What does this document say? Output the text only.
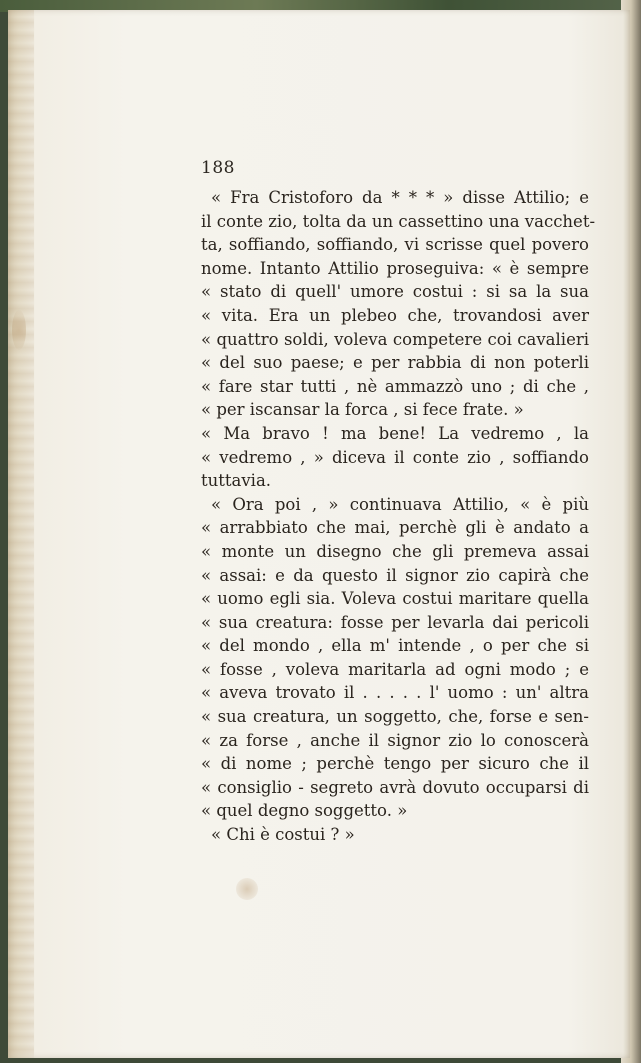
188
« Fra Cristoforo da * * * » disse Attilio; e
il conte zio, tolta da un cassettino una vacchet-
ta, soffiando, soffiando, vi scrisse quel povero
nome. Intanto Attilio proseguiva: « è sempre
« stato di quell' umore costui : si sa la sua
« vita. Era un plebeo che, trovandosi aver
« quattro soldi, voleva competere coi cavalieri
« del suo paese; e per rabbia di non poterli
« fare star tutti , nè ammazzò uno ; di che ,
« per iscansar la forca , si fece frate. »
« Ma bravo ! ma bene! La vedremo , la
« vedremo , » diceva il conte zio , soffiando
tuttavia.
« Ora poi , » continuava Attilio, « è più
« arrabbiato che mai, perchè gli è andato a
« monte un disegno che gli premeva assai
« assai: e da questo il signor zio capirà che
« uomo egli sia. Voleva costui maritare quella
« sua creatura: fosse per levarla dai pericoli
« del mondo , ella m' intende , o per che si
« fosse , voleva maritarla ad ogni modo ; e
« aveva trovato il . . . . . l' uomo : un' altra
« sua creatura, un soggetto, che, forse e sen-
« za forse , anche il signor zio lo conoscerà
« di nome ; perchè tengo per sicuro che il
« consiglio - segreto avrà dovuto occuparsi di
« quel degno soggetto. »
« Chi è costui ? »
